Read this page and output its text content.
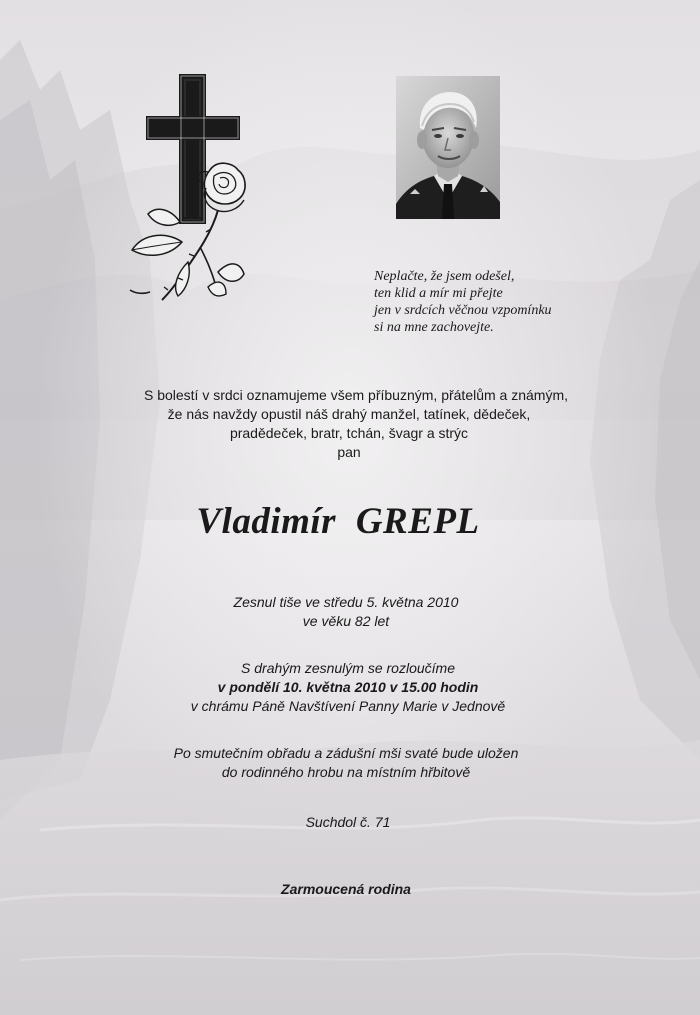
Neplačte, že jsem odešel,
ten klid a mír mi přejte
jen v srdcích věčnou vzpomínku
si na mne zachovejte.
S bolestí v srdci oznamujeme všem příbuzným, přátelům a známým,
že nás navždy opustil náš drahý manžel, tatínek, dědeček,
pradědeček, bratr, tchán, švagr a strýc
pan
Vladimír GREPL
Zesnul tiše ve středu 5. května 2010
ve věku 82 let
S drahým zesnulým se rozloučíme
v pondělí 10. května 2010 v 15.00 hodin
v chrámu Páně Navštívení Panny Marie v Jednově
Po smutečním obřadu a zádušní mši svaté bude uložen
do rodinného hrobu na místním hřbitově
Suchdol č. 71
Zarmoucená rodina
